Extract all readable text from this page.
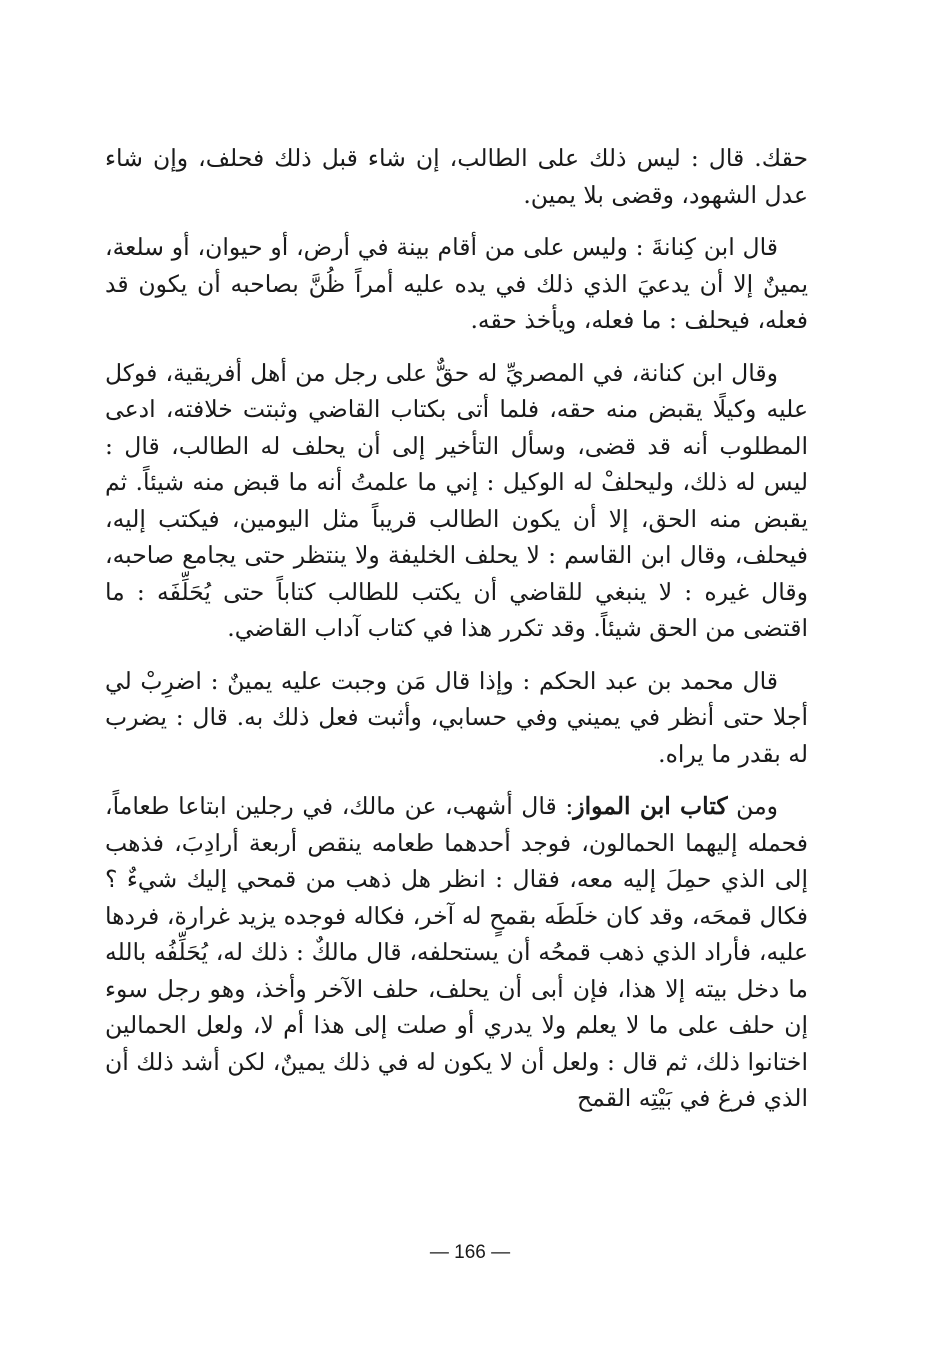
حقك. قال : ليس ذلك على الطالب، إن شاء قبل ذلك فحلف، وإن شاء عدل الشهود، وقضى بلا يمين.

قال ابن كِنانةَ : وليس على من أقام بينة في أرض، أو حيوان، أو سلعة، يمينٌ إلا أن يدعيَ الذي ذلك في يده عليه أمراً ظُنَّ بصاحبه أن يكون قد فعله، فيحلف : ما فعله، ويأخذ حقه.

وقال ابن كنانة، في المصريِّ له حقٌّ على رجل من أهل أفريقية، فوكل عليه وكيلًا يقبض منه حقه، فلما أتى بكتاب القاضي وثبتت خلافته، ادعى المطلوب أنه قد قضى، وسأل التأخير إلى أن يحلف له الطالب، قال : ليس له ذلك، وليحلفْ له الوكيل : إني ما علمتُ أنه ما قبض منه شيئاً. ثم يقبض منه الحق، إلا أن يكون الطالب قريباً مثل اليومين، فيكتب إليه، فيحلف، وقال ابن القاسم : لا يحلف الخليفة ولا ينتظر حتى يجامع صاحبه، وقال غيره : لا ينبغي للقاضي أن يكتب للطالب كتاباً حتى يُحَلِّفَه : ما اقتضى من الحق شيئاً. وقد تكرر هذا في كتاب آداب القاضي.

قال محمد بن عبد الحكم : وإذا قال مَن وجبت عليه يمينٌ : اضرِبْ لي أجلا حتى أنظر في يميني وفي حسابي، وأثبت فعل ذلك به. قال : يضرب له بقدر ما يراه.

ومن كتاب ابن المواز: قال أشهب، عن مالك، في رجلين ابتاعا طعاماً، فحمله إليهما الحمالون، فوجد أحدهما طعامه ينقص أربعة أرادِبَ، فذهب إلى الذي حمِلَ إليه معه، فقال : انظر هل ذهب من قمحي إليك شيءٌ ؟ فكال قمحَه، وقد كان خلَطَه بقمحٍ له آخر، فكاله فوجده يزيد غرارة، فردها عليه، فأراد الذي ذهب قمحُه أن يستحلفه، قال مالكٌ : ذلك له، يُحَلِّفُه بالله ما دخل بيته إلا هذا، فإن أبى أن يحلف، حلف الآخر وأخذ، وهو رجل سوء إن حلف على ما لا يعلم ولا يدري أو صلت إلى هذا أم لا، ولعل الحمالين اختانوا ذلك، ثم قال : ولعل أن لا يكون له في ذلك يمينٌ، لكن أشد ذلك أن الذي فرغ في بَيْتِه القمح

— 166 —
